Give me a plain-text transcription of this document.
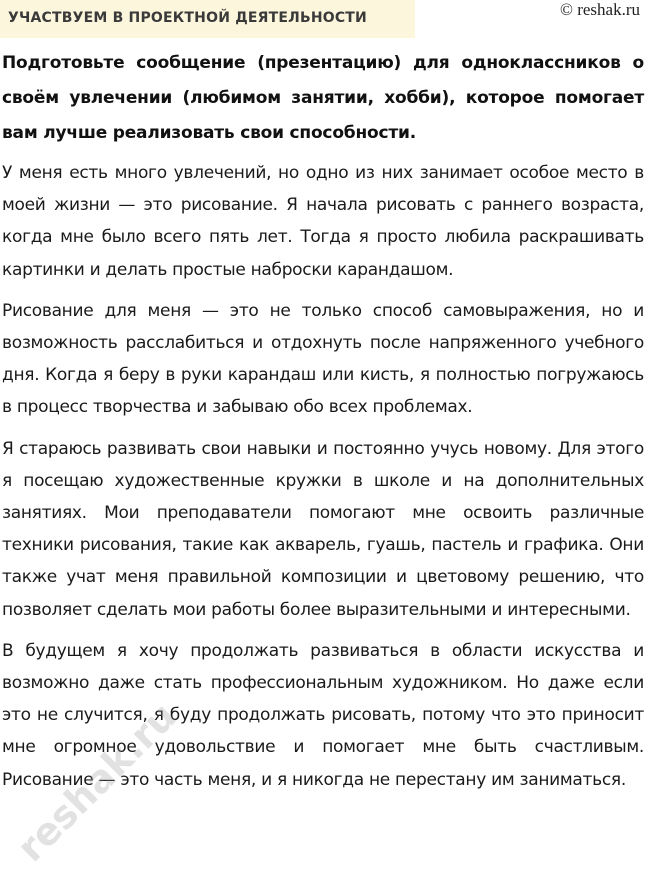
УЧАСТВУЕМ В ПРОЕКТНОЙ ДЕЯТЕЛЬНОСТИ	© reshak.ru
Подготовьте сообщение (презентацию) для одноклассников о своём увлечении (любимом занятии, хобби), которое помогает вам лучше реализовать свои способности.

У меня есть много увлечений, но одно из них занимает особое место в моей жизни — это рисование. Я начала рисовать с раннего возраста, когда мне было всего пять лет. Тогда я просто любила раскрашивать картинки и делать простые наброски карандашом.

Рисование для меня — это не только способ самовыражения, но и возможность расслабиться и отдохнуть после напряженного учебного дня. Когда я беру в руки карандаш или кисть, я полностью погружаюсь в процесс творчества и забываю обо всех проблемах.

Я стараюсь развивать свои навыки и постоянно учусь новому. Для этого я посещаю художественные кружки в школе и на дополнительных занятиях. Мои преподаватели помогают мне освоить различные техники рисования, такие как акварель, гуашь, пастель и графика. Они также учат меня правильной композиции и цветовому решению, что позволяет сделать мои работы более выразительными и интересными.

В будущем я хочу продолжать развиваться в области искусства и возможно даже стать профессиональным художником. Но даже если это не случится, я буду продолжать рисовать, потому что это приносит мне огромное удовольствие и помогает мне быть счастливым. Рисование — это часть меня, и я никогда не перестану им заниматься.

reshak.ru
